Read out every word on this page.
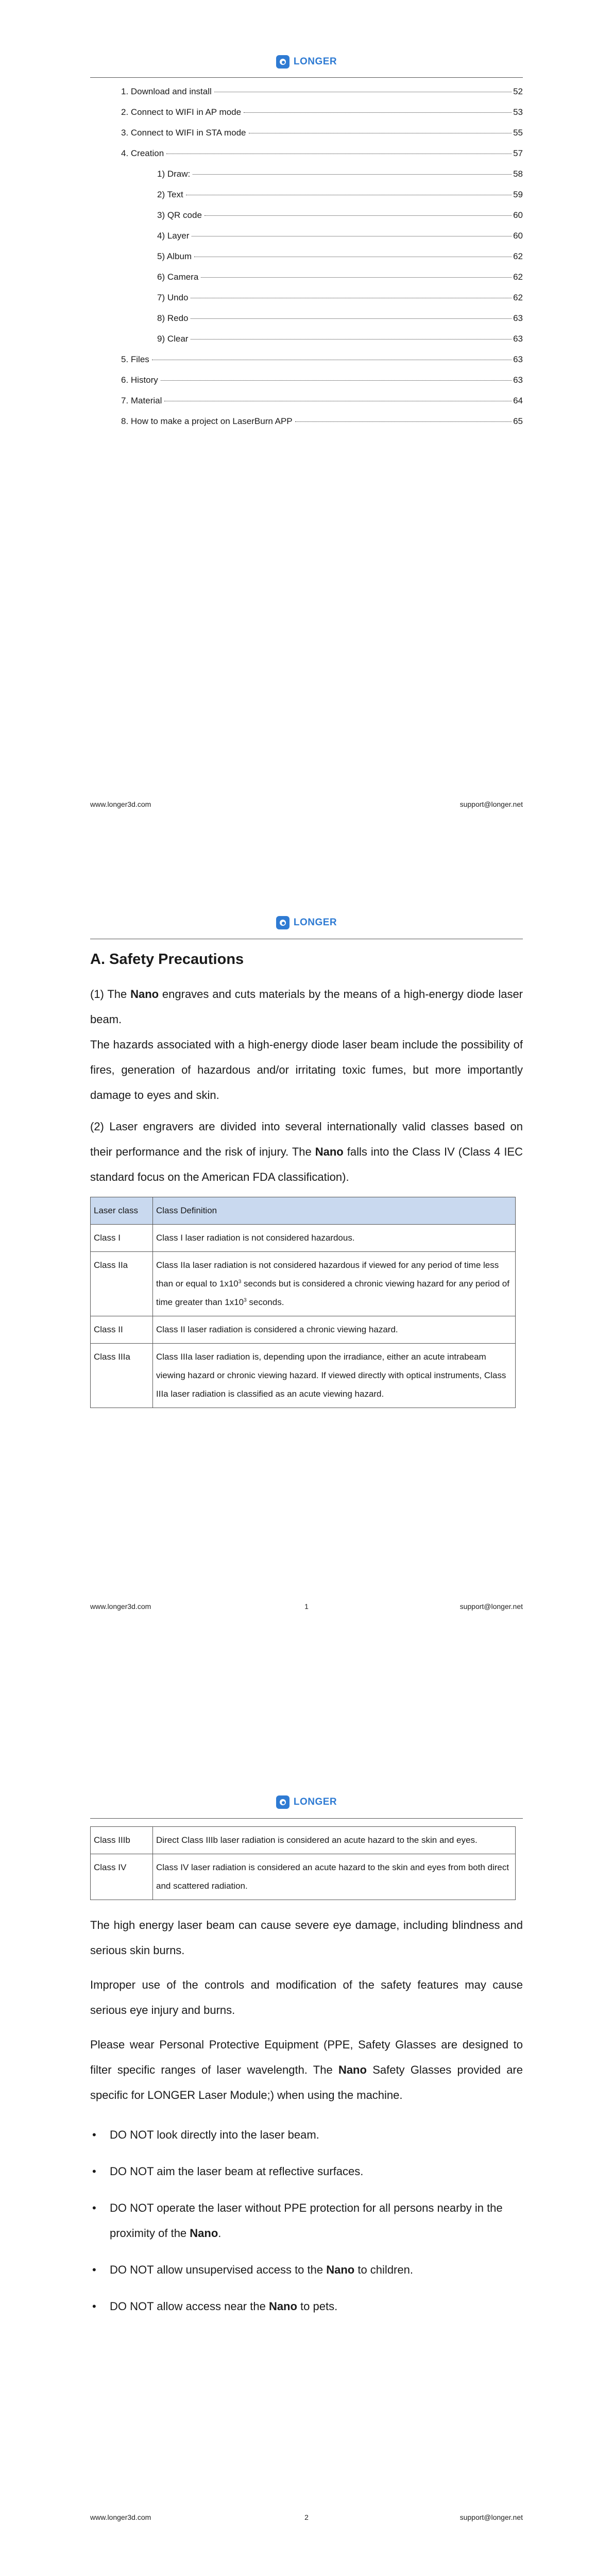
LONGER
1. Download and install	52
2. Connect to WIFI in AP mode	53
3. Connect to WIFI in STA mode	55
4. Creation	57
1) Draw:	58
2) Text	59
3) QR code	60
4) Layer	60
5) Album	62
6) Camera	62
7) Undo	62
8) Redo	63
9) Clear	63
5. Files	63
6. History	63
7. Material	64
8. How to make a project on LaserBurn APP	65
www.longer3d.com	support@longer.net
LONGER
A. Safety Precautions

(1) The Nano engraves and cuts materials by the means of a high-energy diode laser beam.

The hazards associated with a high-energy diode laser beam include the possibility of fires, generation of hazardous and/or irritating toxic fumes, but more importantly damage to eyes and skin.

(2) Laser engravers are divided into several internationally valid classes based on their performance and the risk of injury. The Nano falls into the Class IV (Class 4 IEC standard focus on the American FDA classification).

Laser class	Class Definition
Class I	Class I laser radiation is not considered hazardous.
Class IIa	Class IIa laser radiation is not considered hazardous if viewed for any period of time less than or equal to $1x10^3$ seconds but is considered a chronic viewing hazard for any period of time greater than $1x10^3$ seconds.
Class II	Class II laser radiation is considered a chronic viewing hazard.
Class IIIa	Class IIIa laser radiation is, depending upon the irradiance, either an acute intrabeam viewing hazard or chronic viewing hazard. If viewed directly with optical instruments, Class IIIa laser radiation is classified as an acute viewing hazard.
1
www.longer3d.com	support@longer.net
LONGER
Class IIIb	Direct Class IIIb laser radiation is considered an acute hazard to the skin and eyes.
Class IV	Class IV laser radiation is considered an acute hazard to the skin and eyes from both direct and scattered radiation.

The high energy laser beam can cause severe eye damage, including blindness and serious skin burns.

Improper use of the controls and modification of the safety features may cause serious eye injury and burns.

Please wear Personal Protective Equipment (PPE, Safety Glasses are designed to filter specific ranges of laser wavelength. The Nano Safety Glasses provided are specific for LONGER Laser Module;) when using the machine.

• DO NOT look directly into the laser beam.
• DO NOT aim the laser beam at reflective surfaces.
• DO NOT operate the laser without PPE protection for all persons nearby in the proximity of the Nano.
• DO NOT allow unsupervised access to the Nano to children.
• DO NOT allow access near the Nano to pets.
2
www.longer3d.com	support@longer.net
